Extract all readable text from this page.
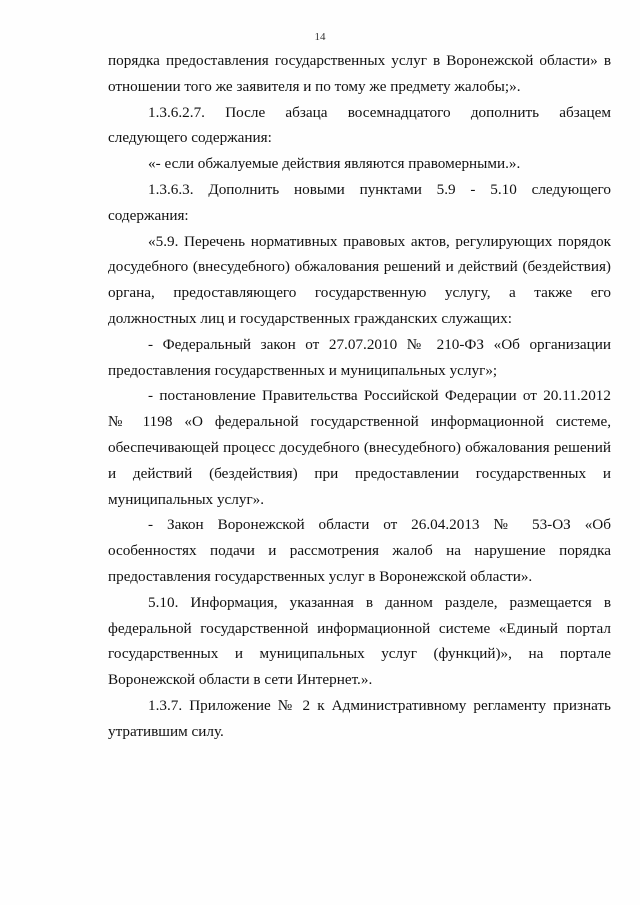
14

порядка предоставления государственных услуг в Воронежской области» в отношении того же заявителя и по тому же предмету жалобы;».

1.3.6.2.7. После абзаца восемнадцатого дополнить абзацем следующего содержания:

«- если обжалуемые действия являются правомерными.».

1.3.6.3. Дополнить новыми пунктами 5.9 - 5.10 следующего содержания:

«5.9. Перечень нормативных правовых актов, регулирующих порядок досудебного (внесудебного) обжалования решений и действий (бездействия) органа, предоставляющего государственную услугу, а также его должностных лиц и государственных гражданских служащих:

- Федеральный закон от 27.07.2010 № 210-ФЗ «Об организации предоставления государственных и муниципальных услуг»;

- постановление Правительства Российской Федерации от 20.11.2012 № 1198 «О федеральной государственной информационной системе, обеспечивающей процесс досудебного (внесудебного) обжалования решений и действий (бездействия) при предоставлении государственных и муниципальных услуг».

- Закон Воронежской области от 26.04.2013 № 53-ОЗ «Об особенностях подачи и рассмотрения жалоб на нарушение порядка предоставления государственных услуг в Воронежской области».

5.10. Информация, указанная в данном разделе, размещается в федеральной государственной информационной системе «Единый портал государственных и муниципальных услуг (функций)», на портале Воронежской области в сети Интернет.».

1.3.7. Приложение № 2 к Административному регламенту признать утратившим силу.
